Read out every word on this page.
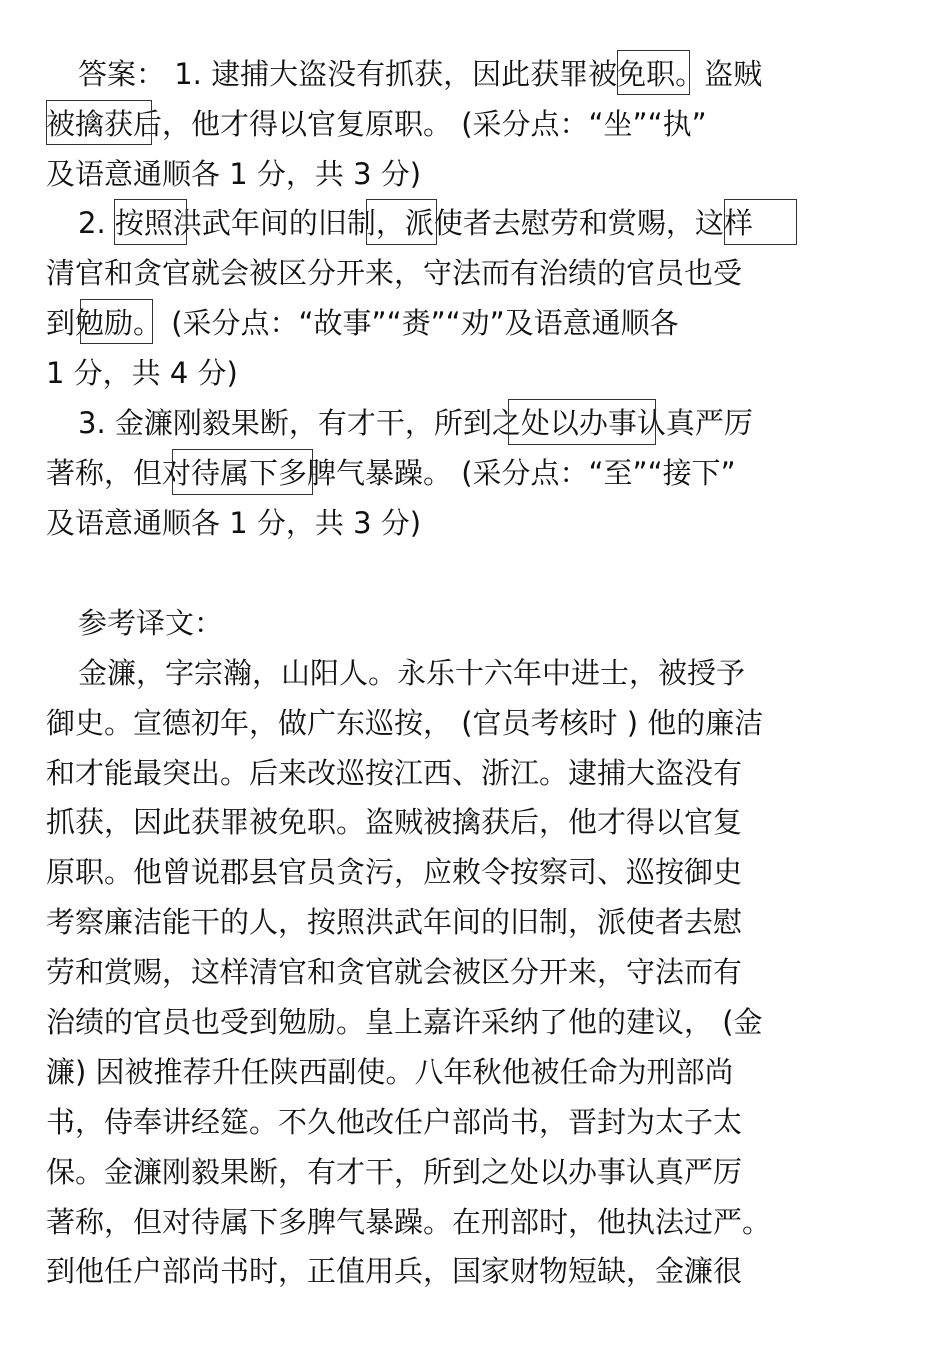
答案： 1. 逮捕大盗没有抓获，因此获罪被免职。盗贼
被擒获后，他才得以官复原职。 (采分点：“坐”“执”
及语意通顺各 1 分，共 3 分)
2. 按照洪武年间的旧制，派使者去慰劳和赏赐，这样
清官和贪官就会被区分开来，守法而有治绩的官员也受
到勉励。 (采分点：“故事”“赉”“劝”及语意通顺各
1 分，共 4 分)
3. 金濂刚毅果断，有才干，所到之处以办事认真严厉
著称，但对待属下多脾气暴躁。 (采分点：“至”“接下”
及语意通顺各 1 分，共 3 分)
参考译文：
金濂，字宗瀚，山阳人。永乐十六年中进士，被授予
御史。宣德初年，做广东巡按， (官员考核时 ) 他的廉洁
和才能最突出。后来改巡按江西、浙江。逮捕大盗没有
抓获，因此获罪被免职。盗贼被擒获后，他才得以官复
原职。他曾说郡县官员贪污，应敕令按察司、巡按御史
考察廉洁能干的人，按照洪武年间的旧制，派使者去慰
劳和赏赐，这样清官和贪官就会被区分开来，守法而有
治绩的官员也受到勉励。皇上嘉许采纳了他的建议， (金
濂) 因被推荐升任陕西副使。八年秋他被任命为刑部尚
书，侍奉讲经筵。不久他改任户部尚书，晋封为太子太
保。金濂刚毅果断，有才干，所到之处以办事认真严厉
著称，但对待属下多脾气暴躁。在刑部时，他执法过严。
到他任户部尚书时，正值用兵，国家财物短缺，金濂很
